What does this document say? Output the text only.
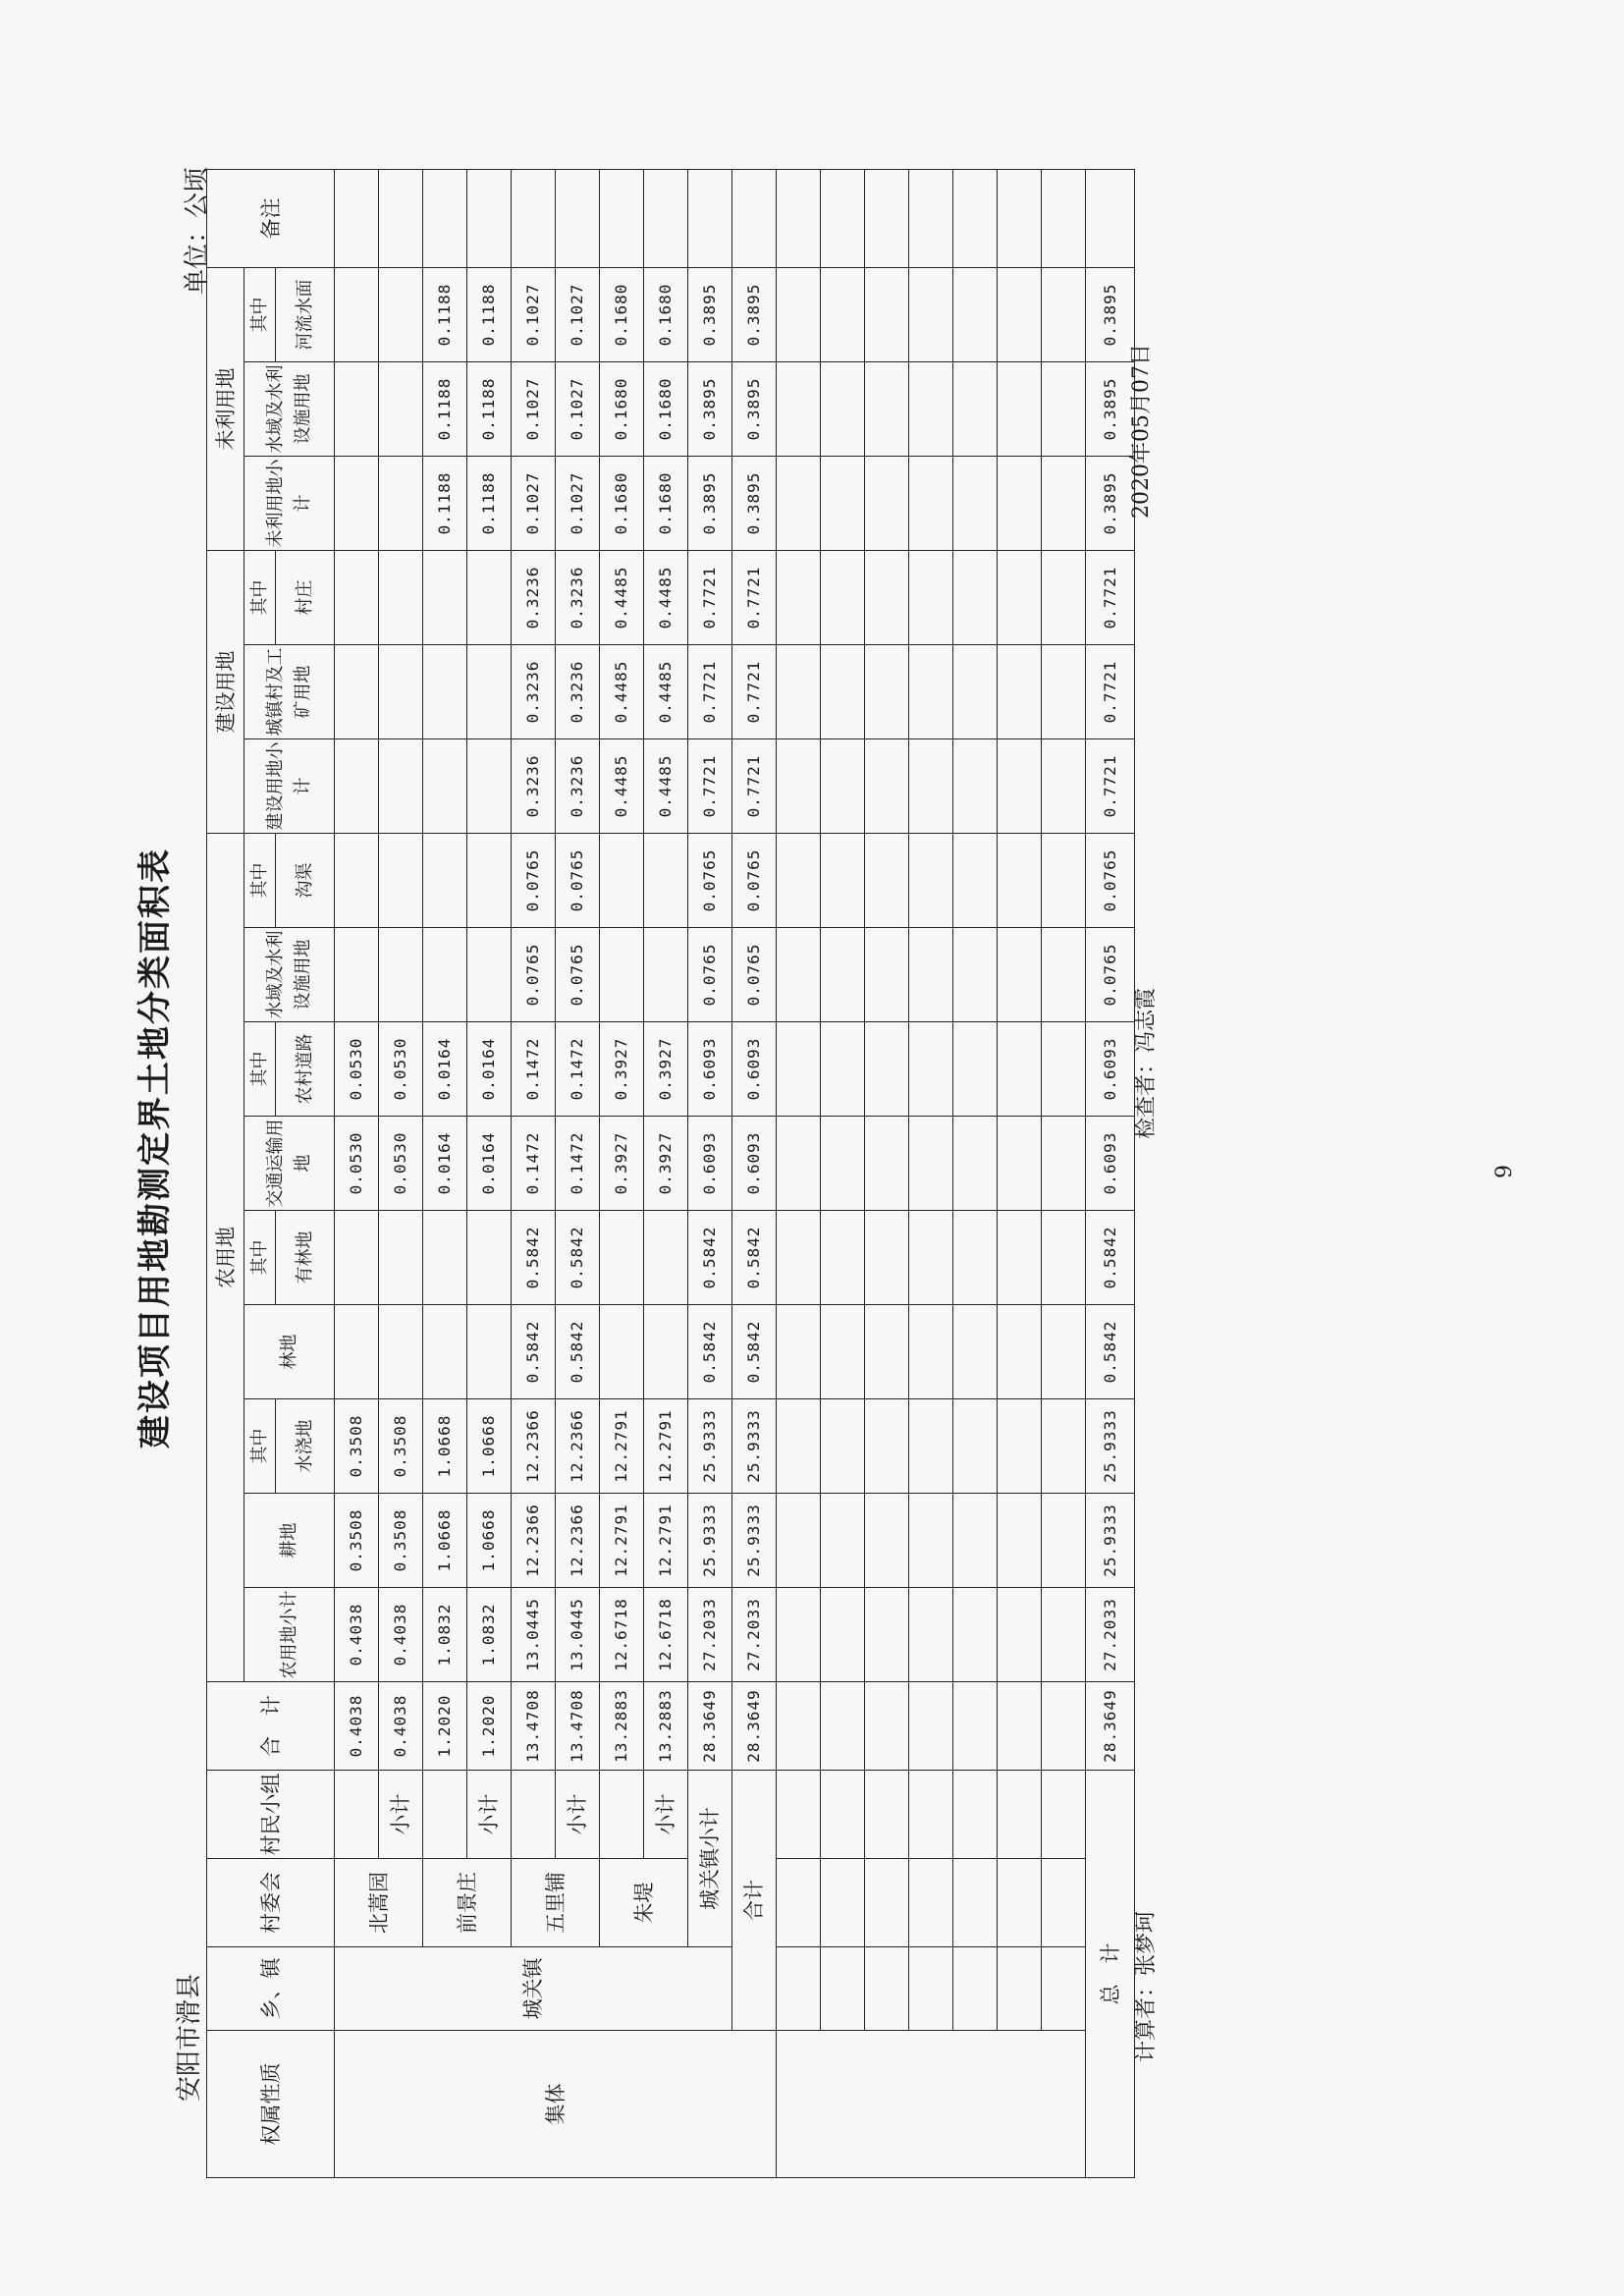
建设项目用地勘测定界土地分类面积表
安阳市滑县
单位：公顷
权属性质	乡、镇	村委会	村民小组	合　计	农用地									建设用地			未利用地			备注
					农用地小计	耕地	其中	林地	其中	交通运输用地	其中	水域及水利设施用地	其中	建设用地小计	城镇村及工矿用地	其中	未利用地小计	水域及水利设施用地	其中	
							水浇地		有林地		农村道路		沟渠			村庄			河流水面	
集体	城关镇	北蒿园		0.4038	0.4038	0.3508	0.3508			0.0530	0.0530									
			小计	0.4038	0.4038	0.3508	0.3508			0.0530	0.0530									
		前景庄		1.2020	1.0832	1.0668	1.0668			0.0164	0.0164						0.1188	0.1188	0.1188	
			小计	1.2020	1.0832	1.0668	1.0668			0.0164	0.0164						0.1188	0.1188	0.1188	
		五里铺		13.4708	13.0445	12.2366	12.2366	0.5842	0.5842	0.1472	0.1472	0.0765	0.0765	0.3236	0.3236	0.3236	0.1027	0.1027	0.1027	
			小计	13.4708	13.0445	12.2366	12.2366	0.5842	0.5842	0.1472	0.1472	0.0765	0.0765	0.3236	0.3236	0.3236	0.1027	0.1027	0.1027	
		朱堤		13.2883	12.6718	12.2791	12.2791			0.3927	0.3927			0.4485	0.4485	0.4485	0.1680	0.1680	0.1680	
			小计	13.2883	12.6718	12.2791	12.2791			0.3927	0.3927			0.4485	0.4485	0.4485	0.1680	0.1680	0.1680	
		城关镇小计		28.3649	27.2033	25.9333	25.9333	0.5842	0.5842	0.6093	0.6093	0.0765	0.0765	0.7721	0.7721	0.7721	0.3895	0.3895	0.3895	
	合计			28.3649	27.2033	25.9333	25.9333	0.5842	0.5842	0.6093	0.6093	0.0765	0.0765	0.7721	0.7721	0.7721	0.3895	0.3895	0.3895	

总　计				28.3649	27.2033	25.9333	25.9333	0.5842	0.5842	0.6093	0.6093	0.0765	0.0765	0.7721	0.7721	0.7721	0.3895	0.3895	0.3895	
计算者：张梦珂
检查者：冯志霞
2020年05月07日
9
